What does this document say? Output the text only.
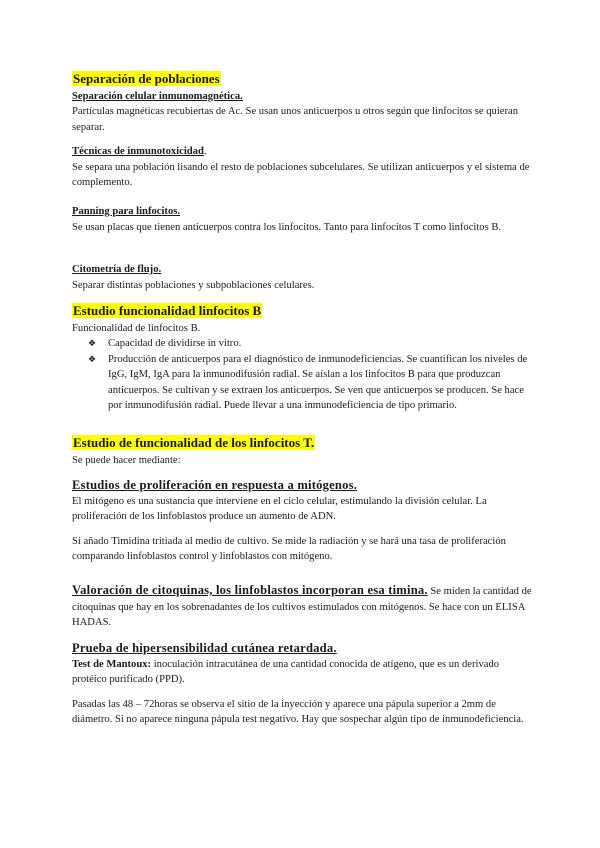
Separación de poblaciones
Separación celular inmunomagnética.

Partículas magnéticas recubiertas de Ac. Se usan unos anticuerpos u otros según que linfocitos se quieran separar.

Técnicas de inmunotoxicidad.

Se separa una población lisando el resto de poblaciones subcelulares. Se utilizan anticuerpos y el sistema de complemento.

Panning para linfocitos.

Se usan placas que tienen anticuerpos contra los linfocitos. Tanto para linfocitos T como linfocitos B.

Citometría de flujo.

Separar distintas poblaciones y subpoblaciones celulares.

Estudio funcionalidad linfocitos B

Funcionalidad de linfocitos B.

❖ Capacidad de dividirse in vitro.
❖ Producción de anticuerpos para el diagnóstico de inmunodeficiencias. Se cuantifican los niveles de IgG, IgM, IgA para la inmunodifusión radial. Se aíslan a los linfocitos B para que produzcan anticuerpos. Se cultivan y se extraen los anticuerpos. Se ven que anticuerpos se producen. Se hace por inmunodifusión radial. Puede llevar a una inmunodeficiencia de tipo primario.
Estudio de funcionalidad de los linfocitos T.

Se puede hacer mediante:

Estudios de proliferación en respuesta a mitógenos.

El mitógeno es una sustancia que interviene en el ciclo celular, estimulando la división celular. La proliferación de los linfoblastos produce un aumento de ADN.

Si añado Timidina tritiada al medio de cultivo. Se mide la radiación y se hará una tasa de proliferación comparando linfoblastos control y linfoblastos con mitógeno.

Valoración de citoquinas, los linfoblastos incorporan esa timina. Se miden la cantidad de citoquinas que hay en los sobrenadantes de los cultivos estimulados con mitógenos. Se hace con un ELISA HADAS.

Prueba de hipersensibilidad cutánea retardada.

Test de Mantoux: inoculación intracutánea de una cantidad conocida de atígeno, que es un derivado protéico purificado (PPD).

Pasadas las 48 – 72horas se observa el sitio de la inyección y aparece una pápula superior a 2mm de diámetro. Si no aparece ninguna pápula test negativo. Hay que sospechar algún tipo de inmunodeficiencia.
